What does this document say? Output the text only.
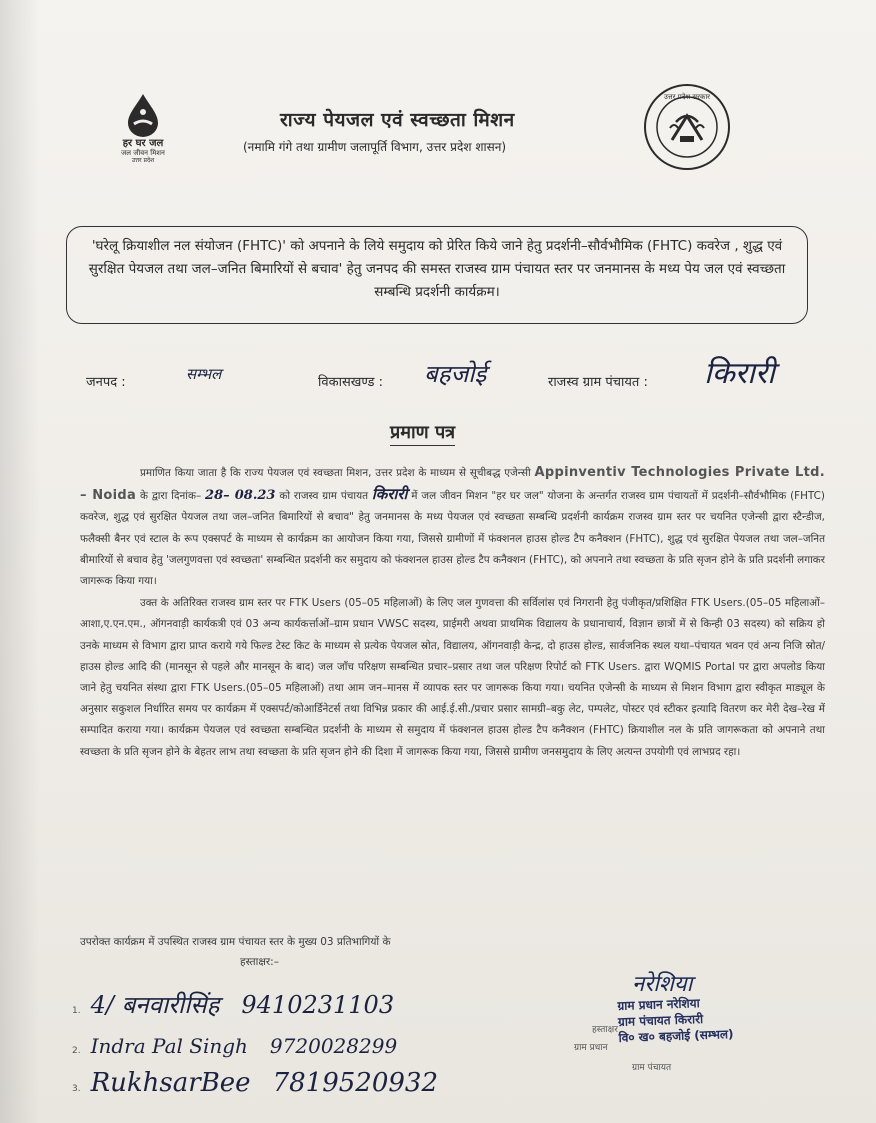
हर घर जल
जल जीवन मिशन
उत्तर प्रदेश
उत्तर प्रदेश सरकार
राज्य पेयजल एवं स्वच्छता मिशन
(नमामि गंगे तथा ग्रामीण जलापूर्ति विभाग, उत्तर प्रदेश शासन)
'घरेलू क्रियाशील नल संयोजन (FHTC)' को अपनाने के लिये समुदाय को प्रेरित किये जाने हेतु प्रदर्शनी–सौर्वभौमिक (FHTC) कवरेज , शुद्ध एवं सुरक्षित पेयजल तथा जल–जनित बिमारियों से बचाव' हेतु जनपद की समस्त राजस्व ग्राम पंचायत स्तर पर जनमानस के मध्य पेय जल एवं स्वच्छता सम्बन्धि प्रदर्शनी कार्यक्रम।
जनपद :	सम्भल	विकासखण्ड : बहजोई	राजस्व ग्राम पंचायत : किरारी
प्रमाण पत्र

प्रमाणित किया जाता है कि राज्य पेयजल एवं स्वच्छता मिशन, उत्तर प्रदेश के माध्यम से सूचीबद्ध एजेन्सी Appinventiv Technologies Private Ltd. – Noida के द्वारा दिनांक– 28– 08.23 को राजस्व ग्राम पंचायत किरारी में जल जीवन मिशन "हर घर जल" योजना के अन्तर्गत राजस्व ग्राम पंचायतों में प्रदर्शनी–सौर्वभौमिक (FHTC) कवरेज, शुद्ध एवं सुरक्षित पेयजल तथा जल–जनित बिमारियों से बचाव" हेतु जनमानस के मध्य पेयजल एवं स्वच्छता सम्बन्धि प्रदर्शनी कार्यक्रम राजस्व ग्राम स्तर पर चयनित एजेन्सी द्वारा स्टैन्डीज, फलैक्सी बैनर एवं स्टाल के रूप एक्सपर्ट के माध्यम से कार्यक्रम का आयोजन किया गया, जिससे ग्रामीणों में फंक्शनल हाउस होल्ड टैप कनैक्शन (FHTC), शुद्ध एवं सुरक्षित पेयजल तथा जल–जनित बीमारियों से बचाव हेतु 'जलगुणवत्ता एवं स्वच्छता' सम्बन्धित प्रदर्शनी कर समुदाय को फंक्शनल हाउस होल्ड टैप कनैक्शन (FHTC), को अपनाने तथा स्वच्छता के प्रति सृजन होने के प्रति प्रदर्शनी लगाकर जागरूक किया गया।

उक्त के अतिरिक्त राजस्व ग्राम स्तर पर FTK Users (05–05 महिलाओं) के लिए जल गुणवत्ता की सर्विलांस एवं निगरानी हेतु पंजीकृत/प्रशिक्षित FTK Users.(05–05 महिलाओं–आशा,ए.एन.एम., ऑगनवाड़ी कार्यकत्री एवं 03 अन्य कार्यकर्त्ताओं–ग्राम प्रधान VWSC सदस्य, प्राईमरी अथवा प्राथमिक विद्यालय के प्रधानाचार्य, विज्ञान छात्रों में से किन्ही 03 सदस्य) को सक्रिय हो उनके माध्यम से विभाग द्वारा प्राप्त कराये गये फिल्ड टेस्ट किट के माध्यम से प्रत्येक पेयजल स्रोत, विद्यालय, ऑगनवाड़ी केन्द्र, दो हाउस होल्ड, सार्वजनिक स्थल यथा–पंचायत भवन एवं अन्य निजि स्रोत/हाउस होल्ड आदि की (मानसून से पहले और मानसून के बाद) जल जाँच परिक्षण सम्बन्धित प्रचार–प्रसार तथा जल परिक्षण रिपोर्ट को FTK Users. द्वारा WQMIS Portal पर द्वारा अपलोड किया जाने हेतु चयनित संस्था द्वारा FTK Users.(05–05 महिलाओं) तथा आम जन–मानस में व्यापक स्तर पर जागरूक किया गया। चयनित एजेन्सी के माध्यम से मिशन विभाग द्वारा स्वीकृत माड्यूल के अनुसार सकुशल निर्धारित समय पर कार्यक्रम में एक्सपर्ट/कोआर्डिनेटर्स तथा विभिन्न प्रकार की आई.ई.सी./प्रचार प्रसार सामग्री–बकु लेट, पम्पलेट, पोस्टर एवं स्टीकर इत्यादि वितरण कर मेरी देख–रेख में सम्पादित कराया गया। कार्यक्रम पेयजल एवं स्वच्छता सम्बन्धित प्रदर्शनी के माध्यम से समुदाय में फंक्शनल हाउस होल्ड टैप कनैक्शन (FHTC) क्रियाशील नल के प्रति जागरूकता को अपनाने तथा स्वच्छता के प्रति सृजन होने के बेहतर लाभ तथा स्वच्छता के प्रति सृजन होने की दिशा में जागरूक किया गया, जिससे ग्रामीण जनसमुदाय के लिए अत्यन्त उपयोगी एवं लाभप्रद रहा।

उपरोक्त कार्यक्रम में उपस्थित राजस्व ग्राम पंचायत स्तर के मुख्य 03 प्रतिभागियों के
हस्ताक्षर:–
1. 4/ बनवारीसिंह 9410231103
2. Indra Pal Singh 9720028299
3. RukhsarBee 7819520932
नरेशिया
हस्ताक्षर
ग्राम प्रधान
ग्राम पंचायत
ग्राम प्रधान नरेशिया
ग्राम पंचायत किरारी
वि० ख० बहजोई (सम्भल)
